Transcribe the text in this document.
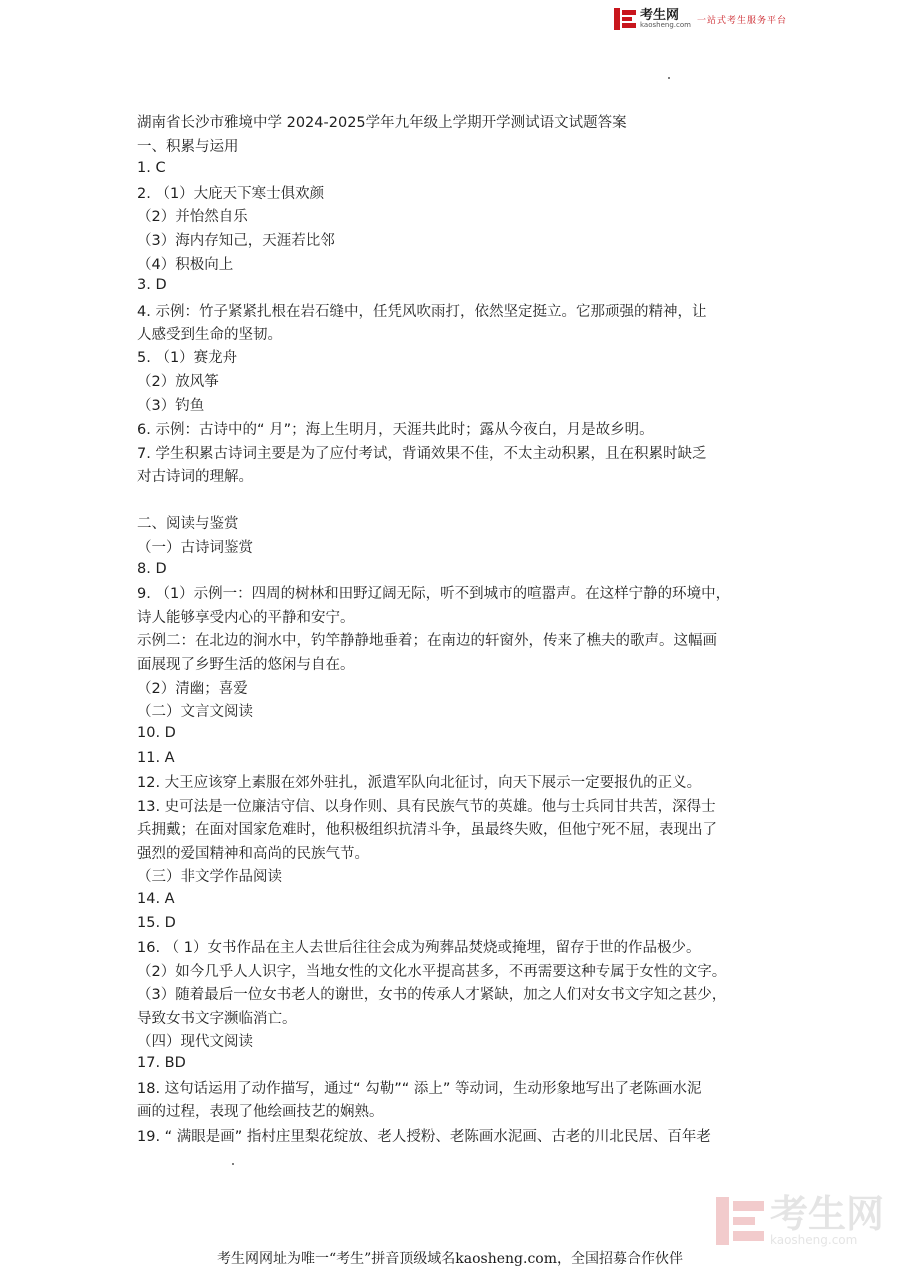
考生网
kaosheng.com 一站式考生服务平台
湖南省长沙市雅境中学 2024-2025学年九年级上学期开学测试语文试题答案
一、积累与运用
1. C
2. （1）大庇天下寒士俱欢颜
（2）并怡然自乐
（3）海内存知己，天涯若比邻
（4）积极向上
3. D
4. 示例：竹子紧紧扎根在岩石缝中，任凭风吹雨打，依然坚定挺立。它那顽强的精神，让
人感受到生命的坚韧。
5. （1）赛龙舟
（2）放风筝
（3）钓鱼
6. 示例：古诗中的“ 月”；海上生明月，天涯共此时；露从今夜白，月是故乡明。
7. 学生积累古诗词主要是为了应付考试，背诵效果不佳，不太主动积累，且在积累时缺乏
对古诗词的理解。
二、阅读与鉴赏
（一）古诗词鉴赏
8. D
9. （1）示例一：四周的树林和田野辽阔无际，听不到城市的喧嚣声。在这样宁静的环境中，
诗人能够享受内心的平静和安宁。
示例二：在北边的涧水中，钓竿静静地垂着；在南边的轩窗外，传来了樵夫的歌声。这幅画
面展现了乡野生活的悠闲与自在。
（2）清幽；喜爱
（二）文言文阅读
10. D
11. A
12. 大王应该穿上素服在郊外驻扎，派遣军队向北征讨，向天下展示一定要报仇的正义。
13. 史可法是一位廉洁守信、以身作则、具有民族气节的英雄。他与士兵同甘共苦，深得士
兵拥戴；在面对国家危难时，他积极组织抗清斗争，虽最终失败，但他宁死不屈，表现出了
强烈的爱国精神和高尚的民族气节。
（三）非文学作品阅读
14. A
15. D
16. （ 1）女书作品在主人去世后往往会成为殉葬品焚烧或掩埋，留存于世的作品极少。
（2）如今几乎人人识字，当地女性的文化水平提高甚多，不再需要这种专属于女性的文字。
（3）随着最后一位女书老人的谢世，女书的传承人才紧缺，加之人们对女书文字知之甚少，
导致女书文字濒临消亡。
（四）现代文阅读
17. BD
18. 这句话运用了动作描写，通过“ 勾勒”“ 添上” 等动词，生动形象地写出了老陈画水泥
画的过程，表现了他绘画技艺的娴熟。
19. “ 满眼是画” 指村庄里梨花绽放、老人授粉、老陈画水泥画、古老的川北民居、百年老
考生网
kaosheng.com
考生网网址为唯一“考生”拼音顶级域名kaosheng.com，全国招募合作伙伴
